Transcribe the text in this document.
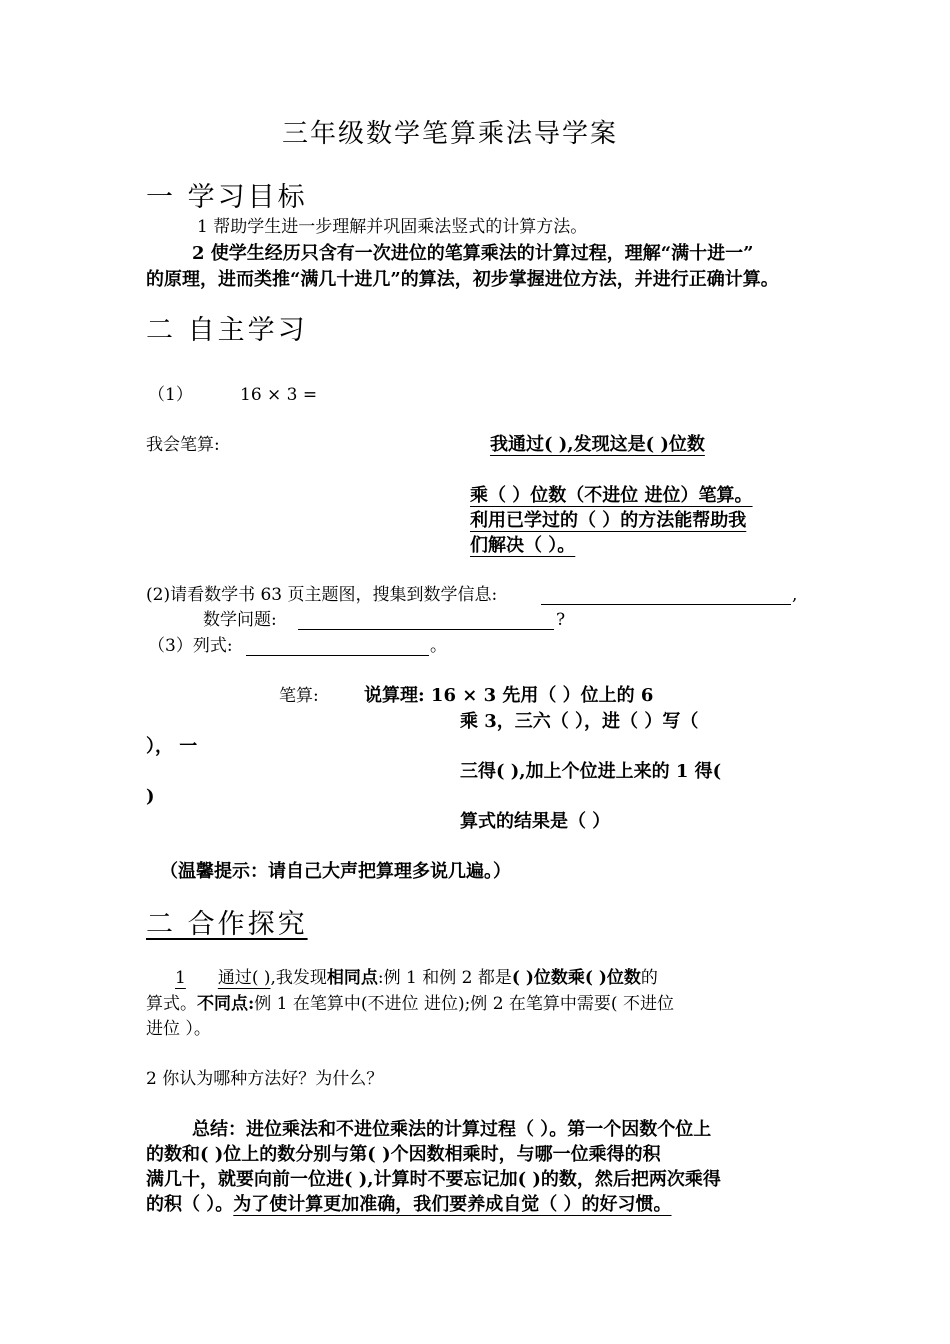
三年级数学笔算乘法导学案
一 学习目标
1 帮助学生进一步理解并巩固乘法竖式的计算方法。
2 使学生经历只含有一次进位的笔算乘法的计算过程，理解“满十进一”
的原理，进而类推“满几十进几”的算法，初步掌握进位方法，并进行正确计算。
二 自主学习
（1）	16 × 3 =
我会笔算:	我通过( ),发现这是( )位数
乘（ ）位数（不进位 进位）笔算。
利用已学过的（ ）的方法能帮助我
们解决（ ）。
(2)请看数学书 63 页主题图，搜集到数学信息:	,
数学问题:	?
（3）列式:	。
笔算:	说算理: 16 × 3 先用（ ）位上的 6
乘 3，三六（ ），进（ ）写（
）， 一
三得( ),加上个位进上来的 1 得(
)
算式的结果是（ ）
（温馨提示：请自己大声把算理多说几遍。）
二 合作探究
1 通过( ),我发现相同点:例 1 和例 2 都是( )位数乘( )位数的
算式。不同点:例 1 在笔算中(不进位 进位);例 2 在笔算中需要( 不进位
进位 ）。
2 你认为哪种方法好？为什么？
总结：进位乘法和不进位乘法的计算过程（ ）。第一个因数个位上
的数和( )位上的数分别与第( )个因数相乘时，与哪一位乘得的积
满几十，就要向前一位进( ),计算时不要忘记加( )的数，然后把两次乘得
的积（ ）。为了使计算更加准确，我们要养成自觉（ ）的好习惯。
